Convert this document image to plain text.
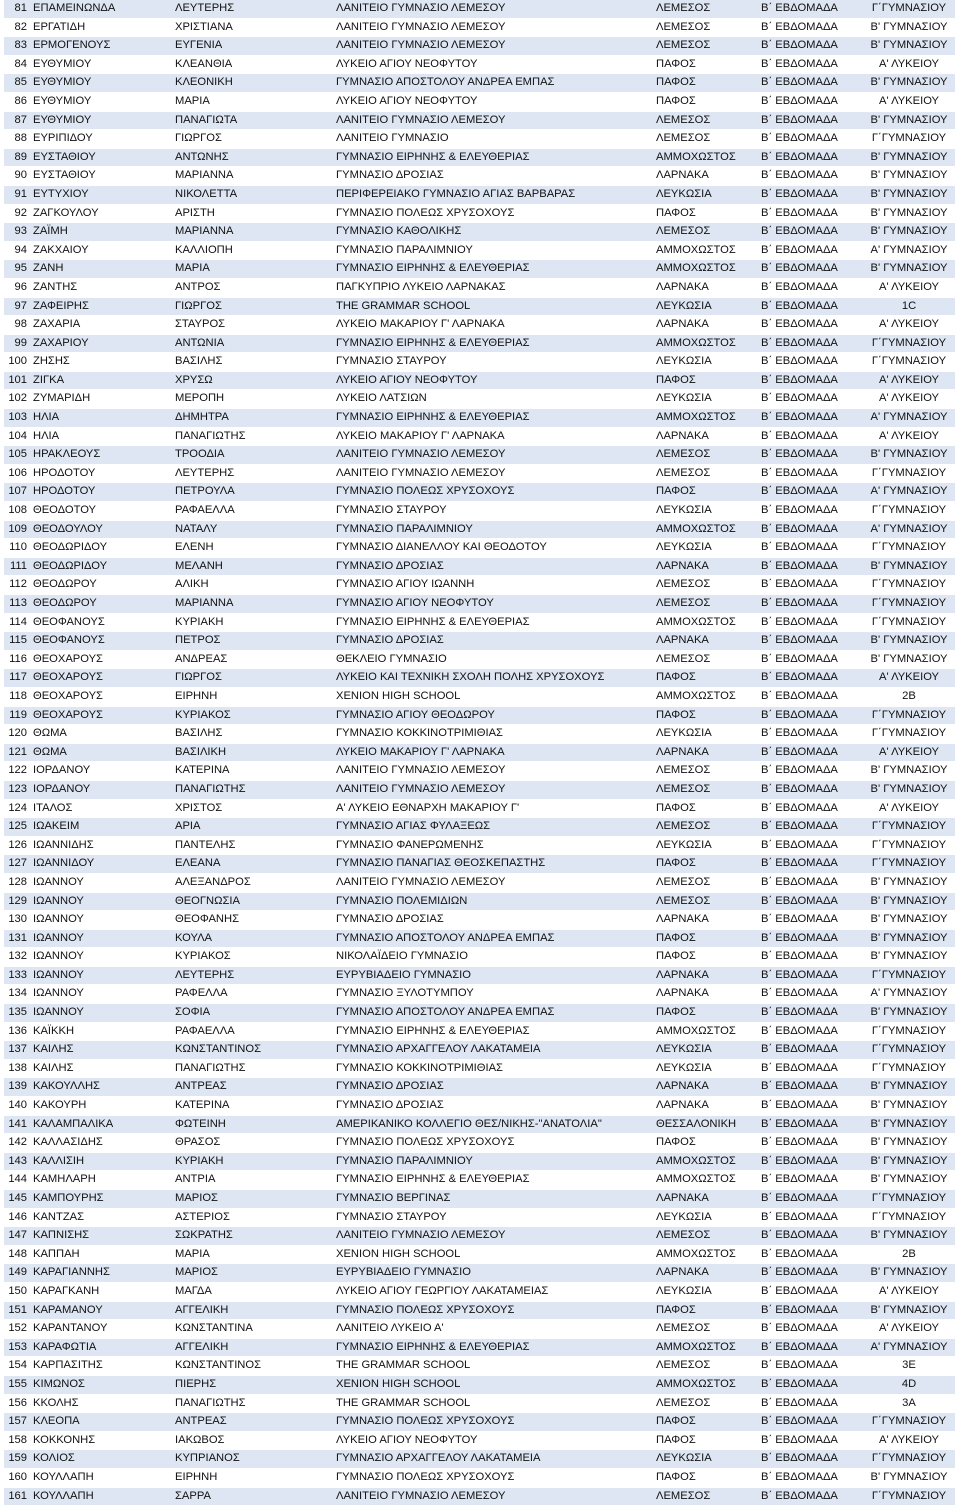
81	ΕΠΑΜΕΙΝΩΝΔΑ	ΛΕΥΤΕΡΗΣ	ΛΑΝΙΤΕΙΟ ΓΥΜΝΑΣΙΟ ΛΕΜΕΣΟΥ	ΛΕΜΕΣΟΣ	Β΄ ΕΒΔΟΜΑΔΑ	Γ΄ΓΥΜΝΑΣΙΟΥ
82	ΕΡΓΑΤΙΔΗ	ΧΡΙΣΤΙΑΝΑ	ΛΑΝΙΤΕΙΟ ΓΥΜΝΑΣΙΟ ΛΕΜΕΣΟΥ	ΛΕΜΕΣΟΣ	Β΄ ΕΒΔΟΜΑΔΑ	Β' ΓΥΜΝΑΣΙΟΥ
83	ΕΡΜΟΓΕΝΟΥΣ	ΕΥΓΕΝΙΑ	ΛΑΝΙΤΕΙΟ ΓΥΜΝΑΣΙΟ ΛΕΜΕΣΟΥ	ΛΕΜΕΣΟΣ	Β΄ ΕΒΔΟΜΑΔΑ	Β' ΓΥΜΝΑΣΙΟΥ
84	ΕΥΘΥΜΙΟΥ	ΚΛΕΑΝΘΙΑ	ΛΥΚΕΙΟ ΑΓΙΟΥ ΝΕΟΦΥΤΟΥ	ΠΑΦΟΣ	Β΄ ΕΒΔΟΜΑΔΑ	Α' ΛΥΚΕΙΟΥ
85	ΕΥΘΥΜΙΟΥ	ΚΛΕΟΝΙΚΗ	ΓΥΜΝΑΣΙΟ ΑΠΟΣΤΟΛΟΥ ΑΝΔΡΕΑ ΕΜΠΑΣ	ΠΑΦΟΣ	Β΄ ΕΒΔΟΜΑΔΑ	Β' ΓΥΜΝΑΣΙΟΥ
86	ΕΥΘΥΜΙΟΥ	ΜΑΡΙΑ	ΛΥΚΕΙΟ ΑΓΙΟΥ ΝΕΟΦΥΤΟΥ	ΠΑΦΟΣ	Β΄ ΕΒΔΟΜΑΔΑ	Α' ΛΥΚΕΙΟΥ
87	ΕΥΘΥΜΙΟΥ	ΠΑΝΑΓΙΩΤΑ	ΛΑΝΙΤΕΙΟ ΓΥΜΝΑΣΙΟ ΛΕΜΕΣΟΥ	ΛΕΜΕΣΟΣ	Β΄ ΕΒΔΟΜΑΔΑ	Β' ΓΥΜΝΑΣΙΟΥ
88	ΕΥΡΙΠΙΔΟΥ	ΓΙΩΡΓΟΣ	ΛΑΝΙΤΕΙΟ ΓΥΜΝΑΣΙΟ	ΛΕΜΕΣΟΣ	Β΄ ΕΒΔΟΜΑΔΑ	Γ΄ΓΥΜΝΑΣΙΟΥ
89	ΕΥΣΤΑΘΙΟΥ	ΑΝΤΩΝΗΣ	ΓΥΜΝΑΣΙΟ ΕΙΡΗΝΗΣ & ΕΛΕΥΘΕΡΙΑΣ	ΑΜΜΟΧΩΣΤΟΣ	Β΄ ΕΒΔΟΜΑΔΑ	Β' ΓΥΜΝΑΣΙΟΥ
90	ΕΥΣΤΑΘΙΟΥ	ΜΑΡΙΑΝΝΑ	ΓΥΜΝΑΣΙΟ ΔΡΟΣΙΑΣ	ΛΑΡΝΑΚΑ	Β΄ ΕΒΔΟΜΑΔΑ	Β' ΓΥΜΝΑΣΙΟΥ
91	ΕΥΤΥΧΙΟΥ	ΝΙΚΟΛΕΤΤΑ	ΠΕΡΙΦΕΡΕΙΑΚΟ ΓΥΜΝΑΣΙΟ ΑΓΙΑΣ ΒΑΡΒΑΡΑΣ	ΛΕΥΚΩΣΙΑ	Β΄ ΕΒΔΟΜΑΔΑ	Β' ΓΥΜΝΑΣΙΟΥ
92	ΖΑΓΚΟΥΛΟΥ	ΑΡΙΣΤΗ	ΓΥΜΝΑΣΙΟ ΠΟΛΕΩΣ ΧΡΥΣΟΧΟΥΣ	ΠΑΦΟΣ	Β΄ ΕΒΔΟΜΑΔΑ	Β' ΓΥΜΝΑΣΙΟΥ
93	ΖΑΪΜΗ	ΜΑΡΙΑΝΝΑ	ΓΥΜΝΑΣΙΟ ΚΑΘΟΛΙΚΗΣ	ΛΕΜΕΣΟΣ	Β΄ ΕΒΔΟΜΑΔΑ	Β' ΓΥΜΝΑΣΙΟΥ
94	ΖΑΚΧΑΙΟΥ	ΚΑΛΛΙΟΠΗ	ΓΥΜΝΑΣΙΟ ΠΑΡΑΛΙΜΝΙΟΥ	ΑΜΜΟΧΩΣΤΟΣ	Β΄ ΕΒΔΟΜΑΔΑ	Α' ΓΥΜΝΑΣΙΟΥ
95	ΖΑΝΗ	ΜΑΡΙΑ	ΓΥΜΝΑΣΙΟ ΕΙΡΗΝΗΣ & ΕΛΕΥΘΕΡΙΑΣ	ΑΜΜΟΧΩΣΤΟΣ	Β΄ ΕΒΔΟΜΑΔΑ	Β' ΓΥΜΝΑΣΙΟΥ
96	ΖΑΝΤΗΣ	ΑΝΤΡΟΣ	ΠΑΓΚΥΠΡΙΟ ΛΥΚΕΙΟ ΛΑΡΝΑΚΑΣ	ΛΑΡΝΑΚΑ	Β΄ ΕΒΔΟΜΑΔΑ	Α' ΛΥΚΕΙΟΥ
97	ΖΑΦΕΙΡΗΣ	ΓΙΩΡΓΟΣ	THE GRAMMAR SCHOOL	ΛΕΥΚΩΣΙΑ	Β΄ ΕΒΔΟΜΑΔΑ	1C
98	ΖΑΧΑΡΙΑ	ΣΤΑΥΡΟΣ	ΛΥΚΕΙΟ ΜΑΚΑΡΙΟΥ Γ' ΛΑΡΝΑΚΑ	ΛΑΡΝΑΚΑ	Β΄ ΕΒΔΟΜΑΔΑ	Α' ΛΥΚΕΙΟΥ
99	ΖΑΧΑΡΙΟΥ	ΑΝΤΩΝΙΑ	ΓΥΜΝΑΣΙΟ ΕΙΡΗΝΗΣ & ΕΛΕΥΘΕΡΙΑΣ	ΑΜΜΟΧΩΣΤΟΣ	Β΄ ΕΒΔΟΜΑΔΑ	Γ΄ΓΥΜΝΑΣΙΟΥ
100	ΖΗΣΗΣ	ΒΑΣΙΛΗΣ	ΓΥΜΝΑΣΙΟ ΣΤΑΥΡΟΥ	ΛΕΥΚΩΣΙΑ	Β΄ ΕΒΔΟΜΑΔΑ	Γ΄ΓΥΜΝΑΣΙΟΥ
101	ΖΙΓΚΑ	ΧΡΥΣΩ	ΛΥΚΕΙΟ ΑΓΙΟΥ ΝΕΟΦΥΤΟΥ	ΠΑΦΟΣ	Β΄ ΕΒΔΟΜΑΔΑ	Α' ΛΥΚΕΙΟΥ
102	ΖΥΜΑΡΙΔΗ	ΜΕΡΟΠΗ	ΛΥΚΕΙΟ ΛΑΤΣΙΩΝ	ΛΕΥΚΩΣΙΑ	Β΄ ΕΒΔΟΜΑΔΑ	Α' ΛΥΚΕΙΟΥ
103	ΗΛΙΑ	ΔΗΜΗΤΡΑ	ΓΥΜΝΑΣΙΟ ΕΙΡΗΝΗΣ & ΕΛΕΥΘΕΡΙΑΣ	ΑΜΜΟΧΩΣΤΟΣ	Β΄ ΕΒΔΟΜΑΔΑ	Α' ΓΥΜΝΑΣΙΟΥ
104	ΗΛΙΑ	ΠΑΝΑΓΙΩΤΗΣ	ΛΥΚΕΙΟ ΜΑΚΑΡΙΟΥ Γ' ΛΑΡΝΑΚΑ	ΛΑΡΝΑΚΑ	Β΄ ΕΒΔΟΜΑΔΑ	Α' ΛΥΚΕΙΟΥ
105	ΗΡΑΚΛΕΟΥΣ	ΤΡΟΟΔΙΑ	ΛΑΝΙΤΕΙΟ ΓΥΜΝΑΣΙΟ ΛΕΜΕΣΟΥ	ΛΕΜΕΣΟΣ	Β΄ ΕΒΔΟΜΑΔΑ	Β' ΓΥΜΝΑΣΙΟΥ
106	ΗΡΟΔΟΤΟΥ	ΛΕΥΤΕΡΗΣ	ΛΑΝΙΤΕΙΟ ΓΥΜΝΑΣΙΟ ΛΕΜΕΣΟΥ	ΛΕΜΕΣΟΣ	Β΄ ΕΒΔΟΜΑΔΑ	Γ΄ΓΥΜΝΑΣΙΟΥ
107	ΗΡΟΔΟΤΟΥ	ΠΕΤΡΟΥΛΑ	ΓΥΜΝΑΣΙΟ ΠΟΛΕΩΣ ΧΡΥΣΟΧΟΥΣ	ΠΑΦΟΣ	Β΄ ΕΒΔΟΜΑΔΑ	Α' ΓΥΜΝΑΣΙΟΥ
108	ΘΕΟΔΟΤΟΥ	ΡΑΦΑΕΛΛΑ	ΓΥΜΝΑΣΙΟ ΣΤΑΥΡΟΥ	ΛΕΥΚΩΣΙΑ	Β΄ ΕΒΔΟΜΑΔΑ	Γ΄ΓΥΜΝΑΣΙΟΥ
109	ΘΕΟΔΟΥΛΟΥ	ΝΑΤΑΛΥ	ΓΥΜΝΑΣΙΟ ΠΑΡΑΛΙΜΝΙΟΥ	ΑΜΜΟΧΩΣΤΟΣ	Β΄ ΕΒΔΟΜΑΔΑ	Α' ΓΥΜΝΑΣΙΟΥ
110	ΘΕΟΔΩΡΙΔΟΥ	ΕΛΕΝΗ	ΓΥΜΝΑΣΙΟ ΔΙΑΝΕΛΛΟΥ ΚΑΙ ΘΕΟΔΟΤΟΥ	ΛΕΥΚΩΣΙΑ	Β΄ ΕΒΔΟΜΑΔΑ	Γ΄ΓΥΜΝΑΣΙΟΥ
111	ΘΕΟΔΩΡΙΔΟΥ	ΜΕΛΑΝΗ	ΓΥΜΝΑΣΙΟ ΔΡΟΣΙΑΣ	ΛΑΡΝΑΚΑ	Β΄ ΕΒΔΟΜΑΔΑ	Β' ΓΥΜΝΑΣΙΟΥ
112	ΘΕΟΔΩΡΟΥ	ΑΛΙΚΗ	ΓΥΜΝΑΣΙΟ ΑΓΙΟΥ ΙΩΑΝΝΗ	ΛΕΜΕΣΟΣ	Β΄ ΕΒΔΟΜΑΔΑ	Γ΄ΓΥΜΝΑΣΙΟΥ
113	ΘΕΟΔΩΡΟΥ	ΜΑΡΙΑΝΝΑ	ΓΥΜΝΑΣΙΟ ΑΓΙΟΥ ΝΕΟΦΥΤΟΥ	ΛΕΜΕΣΟΣ	Β΄ ΕΒΔΟΜΑΔΑ	Γ΄ΓΥΜΝΑΣΙΟΥ
114	ΘΕΟΦΑΝΟΥΣ	ΚΥΡΙΑΚΗ	ΓΥΜΝΑΣΙΟ ΕΙΡΗΝΗΣ & ΕΛΕΥΘΕΡΙΑΣ	ΑΜΜΟΧΩΣΤΟΣ	Β΄ ΕΒΔΟΜΑΔΑ	Γ΄ΓΥΜΝΑΣΙΟΥ
115	ΘΕΟΦΑΝΟΥΣ	ΠΕΤΡΟΣ	ΓΥΜΝΑΣΙΟ ΔΡΟΣΙΑΣ	ΛΑΡΝΑΚΑ	Β΄ ΕΒΔΟΜΑΔΑ	Β' ΓΥΜΝΑΣΙΟΥ
116	ΘΕΟΧΑΡΟΥΣ	ΑΝΔΡΕΑΣ	ΘΕΚΛΕΙΟ ΓΥΜΝΑΣΙΟ	ΛΕΜΕΣΟΣ	Β΄ ΕΒΔΟΜΑΔΑ	Β' ΓΥΜΝΑΣΙΟΥ
117	ΘΕΟΧΑΡΟΥΣ	ΓΙΩΡΓΟΣ	ΛΥΚΕΙΟ ΚΑΙ ΤΕΧΝΙΚΗ ΣΧΟΛΗ ΠΟΛΗΣ ΧΡΥΣΟΧΟΥΣ	ΠΑΦΟΣ	Β΄ ΕΒΔΟΜΑΔΑ	Α' ΛΥΚΕΙΟΥ
118	ΘΕΟΧΑΡΟΥΣ	ΕΙΡΗΝΗ	XENION HIGH SCHOOL	ΑΜΜΟΧΩΣΤΟΣ	Β΄ ΕΒΔΟΜΑΔΑ	2B
119	ΘΕΟΧΑΡΟΥΣ	ΚΥΡΙΑΚΟΣ	ΓΥΜΝΑΣΙΟ ΑΓΙΟΥ ΘΕΟΔΩΡΟΥ	ΠΑΦΟΣ	Β΄ ΕΒΔΟΜΑΔΑ	Γ΄ΓΥΜΝΑΣΙΟΥ
120	ΘΩΜΑ	ΒΑΣΙΛΗΣ	ΓΥΜΝΑΣΙΟ ΚΟΚΚΙΝΟΤΡΙΜΙΘΙΑΣ	ΛΕΥΚΩΣΙΑ	Β΄ ΕΒΔΟΜΑΔΑ	Γ΄ΓΥΜΝΑΣΙΟΥ
121	ΘΩΜΑ	ΒΑΣΙΛΙΚΗ	ΛΥΚΕΙΟ ΜΑΚΑΡΙΟΥ Γ' ΛΑΡΝΑΚΑ	ΛΑΡΝΑΚΑ	Β΄ ΕΒΔΟΜΑΔΑ	Α' ΛΥΚΕΙΟΥ
122	ΙΟΡΔΑΝΟΥ	ΚΑΤΕΡΙΝΑ	ΛΑΝΙΤΕΙΟ ΓΥΜΝΑΣΙΟ ΛΕΜΕΣΟΥ	ΛΕΜΕΣΟΣ	Β΄ ΕΒΔΟΜΑΔΑ	Β' ΓΥΜΝΑΣΙΟΥ
123	ΙΟΡΔΑΝΟΥ	ΠΑΝΑΓΙΩΤΗΣ	ΛΑΝΙΤΕΙΟ ΓΥΜΝΑΣΙΟ ΛΕΜΕΣΟΥ	ΛΕΜΕΣΟΣ	Β΄ ΕΒΔΟΜΑΔΑ	Β' ΓΥΜΝΑΣΙΟΥ
124	ΙΤΑΛΟΣ	ΧΡΙΣΤΟΣ	Α' ΛΥΚΕΙΟ ΕΘΝΑΡΧΗ ΜΑΚΑΡΙΟΥ Γ'	ΠΑΦΟΣ	Β΄ ΕΒΔΟΜΑΔΑ	Α' ΛΥΚΕΙΟΥ
125	ΙΩΑΚΕΙΜ	ΑΡΙΑ	ΓΥΜΝΑΣΙΟ ΑΓΙΑΣ ΦΥΛΑΞΕΩΣ	ΛΕΜΕΣΟΣ	Β΄ ΕΒΔΟΜΑΔΑ	Γ΄ΓΥΜΝΑΣΙΟΥ
126	ΙΩΑΝΝΙΔΗΣ	ΠΑΝΤΕΛΗΣ	ΓΥΜΝΑΣΙΟ ΦΑΝΕΡΩΜΕΝΗΣ	ΛΕΥΚΩΣΙΑ	Β΄ ΕΒΔΟΜΑΔΑ	Γ΄ΓΥΜΝΑΣΙΟΥ
127	ΙΩΑΝΝΙΔΟΥ	ΕΛΕΑΝΑ	ΓΥΜΝΑΣΙΟ ΠΑΝΑΓΙΑΣ ΘΕΟΣΚΕΠΑΣΤΗΣ	ΠΑΦΟΣ	Β΄ ΕΒΔΟΜΑΔΑ	Γ΄ΓΥΜΝΑΣΙΟΥ
128	ΙΩΑΝΝΟΥ	ΑΛΕΞΑΝΔΡΟΣ	ΛΑΝΙΤΕΙΟ ΓΥΜΝΑΣΙΟ ΛΕΜΕΣΟΥ	ΛΕΜΕΣΟΣ	Β΄ ΕΒΔΟΜΑΔΑ	Β' ΓΥΜΝΑΣΙΟΥ
129	ΙΩΑΝΝΟΥ	ΘΕΟΓΝΩΣΙΑ	ΓΥΜΝΑΣΙΟ ΠΟΛΕΜΙΔΙΩΝ	ΛΕΜΕΣΟΣ	Β΄ ΕΒΔΟΜΑΔΑ	Β' ΓΥΜΝΑΣΙΟΥ
130	ΙΩΑΝΝΟΥ	ΘΕΟΦΑΝΗΣ	ΓΥΜΝΑΣΙΟ ΔΡΟΣΙΑΣ	ΛΑΡΝΑΚΑ	Β΄ ΕΒΔΟΜΑΔΑ	Β' ΓΥΜΝΑΣΙΟΥ
131	ΙΩΑΝΝΟΥ	ΚΟΥΛΑ	ΓΥΜΝΑΣΙΟ ΑΠΟΣΤΟΛΟΥ ΑΝΔΡΕΑ ΕΜΠΑΣ	ΠΑΦΟΣ	Β΄ ΕΒΔΟΜΑΔΑ	Β' ΓΥΜΝΑΣΙΟΥ
132	ΙΩΑΝΝΟΥ	ΚΥΡΙΑΚΟΣ	ΝΙΚΟΛΑΪΔΕΙΟ ΓΥΜΝΑΣΙΟ	ΠΑΦΟΣ	Β΄ ΕΒΔΟΜΑΔΑ	Β' ΓΥΜΝΑΣΙΟΥ
133	ΙΩΑΝΝΟΥ	ΛΕΥΤΕΡΗΣ	ΕΥΡΥΒΙΑΔΕΙΟ ΓΥΜΝΑΣΙΟ	ΛΑΡΝΑΚΑ	Β΄ ΕΒΔΟΜΑΔΑ	Γ΄ΓΥΜΝΑΣΙΟΥ
134	ΙΩΑΝΝΟΥ	ΡΑΦΕΛΛΑ	ΓΥΜΝΑΣΙΟ ΞΥΛΟΤΥΜΠΟΥ	ΛΑΡΝΑΚΑ	Β΄ ΕΒΔΟΜΑΔΑ	Α' ΓΥΜΝΑΣΙΟΥ
135	ΙΩΑΝΝΟΥ	ΣΟΦΙΑ	ΓΥΜΝΑΣΙΟ ΑΠΟΣΤΟΛΟΥ ΑΝΔΡΕΑ ΕΜΠΑΣ	ΠΑΦΟΣ	Β΄ ΕΒΔΟΜΑΔΑ	Β' ΓΥΜΝΑΣΙΟΥ
136	ΚΑΪΚΚΗ	ΡΑΦΑΕΛΛΑ	ΓΥΜΝΑΣΙΟ ΕΙΡΗΝΗΣ & ΕΛΕΥΘΕΡΙΑΣ	ΑΜΜΟΧΩΣΤΟΣ	Β΄ ΕΒΔΟΜΑΔΑ	Γ΄ΓΥΜΝΑΣΙΟΥ
137	ΚΑΙΛΗΣ	ΚΩΝΣΤΑΝΤΙΝΟΣ	ΓΥΜΝΑΣΙΟ ΑΡΧΑΓΓΕΛΟΥ ΛΑΚΑΤΑΜΕΙΑ	ΛΕΥΚΩΣΙΑ	Β΄ ΕΒΔΟΜΑΔΑ	Γ΄ΓΥΜΝΑΣΙΟΥ
138	ΚΑΙΛΗΣ	ΠΑΝΑΓΙΩΤΗΣ	ΓΥΜΝΑΣΙΟ ΚΟΚΚΙΝΟΤΡΙΜΙΘΙΑΣ	ΛΕΥΚΩΣΙΑ	Β΄ ΕΒΔΟΜΑΔΑ	Γ΄ΓΥΜΝΑΣΙΟΥ
139	ΚΑΚΟΥΛΛΗΣ	ΑΝΤΡΕΑΣ	ΓΥΜΝΑΣΙΟ ΔΡΟΣΙΑΣ	ΛΑΡΝΑΚΑ	Β΄ ΕΒΔΟΜΑΔΑ	Β' ΓΥΜΝΑΣΙΟΥ
140	ΚΑΚΟΥΡΗ	ΚΑΤΕΡΙΝΑ	ΓΥΜΝΑΣΙΟ ΔΡΟΣΙΑΣ	ΛΑΡΝΑΚΑ	Β΄ ΕΒΔΟΜΑΔΑ	Β' ΓΥΜΝΑΣΙΟΥ
141	ΚΑΛΑΜΠΑΛΙΚΑ	ΦΩΤΕΙΝΗ	ΑΜΕΡΙΚΑΝΙΚΟ ΚΟΛΛΕΓΙΟ ΘΕΣ/ΝΙΚΗΣ-"ΑΝΑΤΟΛΙΑ"	ΘΕΣΣΑΛΟΝΙΚΗ	Β΄ ΕΒΔΟΜΑΔΑ	Β' ΓΥΜΝΑΣΙΟΥ
142	ΚΑΛΛΑΣΙΔΗΣ	ΘΡΑΣΟΣ	ΓΥΜΝΑΣΙΟ ΠΟΛΕΩΣ ΧΡΥΣΟΧΟΥΣ	ΠΑΦΟΣ	Β΄ ΕΒΔΟΜΑΔΑ	Β' ΓΥΜΝΑΣΙΟΥ
143	ΚΑΛΛΙΣΙΗ	ΚΥΡΙΑΚΗ	ΓΥΜΝΑΣΙΟ ΠΑΡΑΛΙΜΝΙΟΥ	ΑΜΜΟΧΩΣΤΟΣ	Β΄ ΕΒΔΟΜΑΔΑ	Β' ΓΥΜΝΑΣΙΟΥ
144	ΚΑΜΗΛΑΡΗ	ΑΝΤΡΙΑ	ΓΥΜΝΑΣΙΟ ΕΙΡΗΝΗΣ & ΕΛΕΥΘΕΡΙΑΣ	ΑΜΜΟΧΩΣΤΟΣ	Β΄ ΕΒΔΟΜΑΔΑ	Β' ΓΥΜΝΑΣΙΟΥ
145	ΚΑΜΠΟΥΡΗΣ	ΜΑΡΙΟΣ	ΓΥΜΝΑΣΙΟ ΒΕΡΓΙΝΑΣ	ΛΑΡΝΑΚΑ	Β΄ ΕΒΔΟΜΑΔΑ	Γ΄ΓΥΜΝΑΣΙΟΥ
146	ΚΑΝΤΖΑΣ	ΑΣΤΕΡΙΟΣ	ΓΥΜΝΑΣΙΟ ΣΤΑΥΡΟΥ	ΛΕΥΚΩΣΙΑ	Β΄ ΕΒΔΟΜΑΔΑ	Γ΄ΓΥΜΝΑΣΙΟΥ
147	ΚΑΠΝΙΣΗΣ	ΣΩΚΡΑΤΗΣ	ΛΑΝΙΤΕΙΟ ΓΥΜΝΑΣΙΟ ΛΕΜΕΣΟΥ	ΛΕΜΕΣΟΣ	Β΄ ΕΒΔΟΜΑΔΑ	Β' ΓΥΜΝΑΣΙΟΥ
148	ΚΑΠΠΑΗ	ΜΑΡΙΑ	XENION HIGH SCHOOL	ΑΜΜΟΧΩΣΤΟΣ	Β΄ ΕΒΔΟΜΑΔΑ	2B
149	ΚΑΡΑΓΙΑΝΝΗΣ	ΜΑΡΙΟΣ	ΕΥΡΥΒΙΑΔΕΙΟ ΓΥΜΝΑΣΙΟ	ΛΑΡΝΑΚΑ	Β΄ ΕΒΔΟΜΑΔΑ	Β' ΓΥΜΝΑΣΙΟΥ
150	ΚΑΡΑΓΚΑΝΗ	ΜΑΓΔΑ	ΛΥΚΕΙΟ ΑΓΙΟΥ ΓΕΩΡΓΙΟΥ ΛΑΚΑΤΑΜΕΙΑΣ	ΛΕΥΚΩΣΙΑ	Β΄ ΕΒΔΟΜΑΔΑ	Α' ΛΥΚΕΙΟΥ
151	ΚΑΡΑΜΑΝΟΥ	ΑΓΓΕΛΙΚΗ	ΓΥΜΝΑΣΙΟ ΠΟΛΕΩΣ ΧΡΥΣΟΧΟΥΣ	ΠΑΦΟΣ	Β΄ ΕΒΔΟΜΑΔΑ	Β' ΓΥΜΝΑΣΙΟΥ
152	ΚΑΡΑΝΤΑΝΟΥ	ΚΩΝΣΤΑΝΤΙΝΑ	ΛΑΝΙΤΕΙΟ ΛΥΚΕΙΟ Α'	ΛΕΜΕΣΟΣ	Β΄ ΕΒΔΟΜΑΔΑ	Α' ΛΥΚΕΙΟΥ
153	ΚΑΡΑΦΩΤΙΑ	ΑΓΓΕΛΙΚΗ	ΓΥΜΝΑΣΙΟ ΕΙΡΗΝΗΣ & ΕΛΕΥΘΕΡΙΑΣ	ΑΜΜΟΧΩΣΤΟΣ	Β΄ ΕΒΔΟΜΑΔΑ	Α' ΓΥΜΝΑΣΙΟΥ
154	ΚΑΡΠΑΣΙΤΗΣ	ΚΩΝΣΤΑΝΤΙΝΟΣ	THE GRAMMAR SCHOOL	ΛΕΜΕΣΟΣ	Β΄ ΕΒΔΟΜΑΔΑ	3E
155	ΚΙΜΩΝΟΣ	ΠΙΕΡΗΣ	XENION HIGH SCHOOL	ΑΜΜΟΧΩΣΤΟΣ	Β΄ ΕΒΔΟΜΑΔΑ	4D
156	ΚΚΟΛΗΣ	ΠΑΝΑΓΙΩΤΗΣ	THE GRAMMAR SCHOOL	ΛΕΜΕΣΟΣ	Β΄ ΕΒΔΟΜΑΔΑ	3A
157	ΚΛΕΟΠΑ	ΑΝΤΡΕΑΣ	ΓΥΜΝΑΣΙΟ ΠΟΛΕΩΣ ΧΡΥΣΟΧΟΥΣ	ΠΑΦΟΣ	Β΄ ΕΒΔΟΜΑΔΑ	Γ΄ΓΥΜΝΑΣΙΟΥ
158	ΚΟΚΚΟΝΗΣ	ΙΑΚΩΒΟΣ	ΛΥΚΕΙΟ ΑΓΙΟΥ ΝΕΟΦΥΤΟΥ	ΠΑΦΟΣ	Β΄ ΕΒΔΟΜΑΔΑ	Α' ΛΥΚΕΙΟΥ
159	ΚΟΛΙΟΣ	ΚΥΠΡΙΑΝΟΣ	ΓΥΜΝΑΣΙΟ ΑΡΧΑΓΓΕΛΟΥ ΛΑΚΑΤΑΜΕΙΑ	ΛΕΥΚΩΣΙΑ	Β΄ ΕΒΔΟΜΑΔΑ	Γ΄ΓΥΜΝΑΣΙΟΥ
160	ΚΟΥΛΛΑΠΗ	ΕΙΡΗΝΗ	ΓΥΜΝΑΣΙΟ ΠΟΛΕΩΣ ΧΡΥΣΟΧΟΥΣ	ΠΑΦΟΣ	Β΄ ΕΒΔΟΜΑΔΑ	Β' ΓΥΜΝΑΣΙΟΥ
161	ΚΟΥΛΛΑΠΗ	ΣΑΡΡΑ	ΛΑΝΙΤΕΙΟ ΓΥΜΝΑΣΙΟ ΛΕΜΕΣΟΥ	ΛΕΜΕΣΟΣ	Β΄ ΕΒΔΟΜΑΔΑ	Γ΄ΓΥΜΝΑΣΙΟΥ
